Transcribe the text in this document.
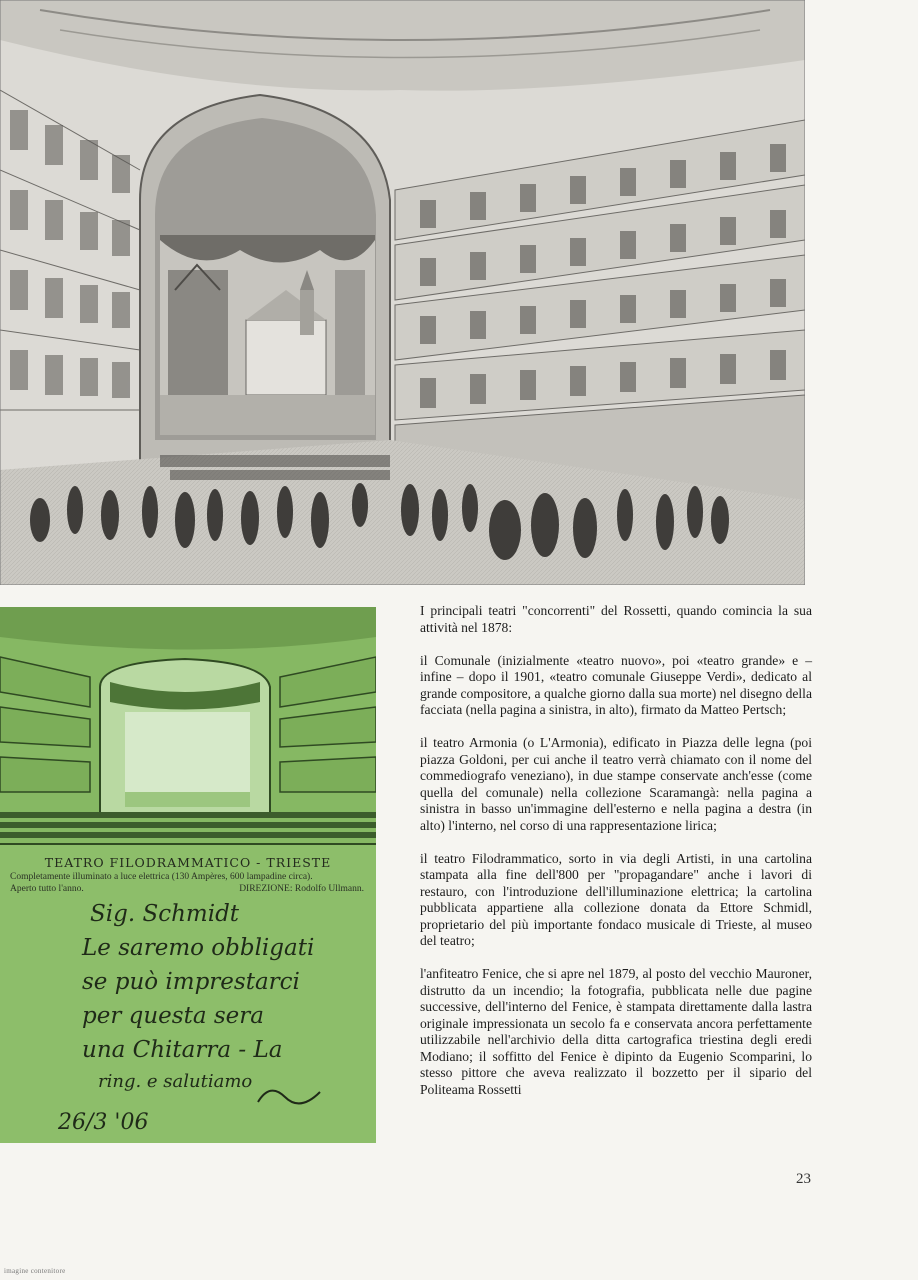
TEATRO FILODRAMMATICO - TRIESTE

Completamente illuminato a luce elettrica (130 Ampères, 600 lampadine circa).

Aperto tutto l'anno.	DIREZIONE: Rodolfo Ullmann.

Sig. Schmidt
Le saremo obbligati
se può imprestarci
per questa sera
una Chitarra - La
ring. e salutiamo
26/3 '06

I principali teatri "concorrenti" del Rossetti, quando comincia la sua attività nel 1878:

il Comunale (inizialmente «teatro nuovo», poi «teatro grande» e – infine – dopo il 1901, «teatro comunale Giuseppe Verdi», dedicato al grande compositore, a qualche giorno dalla sua morte) nel disegno della facciata (nella pagina a sinistra, in alto), firmato da Matteo Pertsch;

il teatro Armonia (o L'Armonia), edificato in Piazza delle legna (poi piazza Goldoni, per cui anche il teatro verrà chiamato con il nome del commediografo veneziano), in due stampe conservate anch'esse (come quella del comunale) nella collezione Scaramangà: nella pagina a sinistra in basso un'immagine dell'esterno e nella pagina a destra (in alto) l'interno, nel corso di una rappresentazione lirica;

il teatro Filodrammatico, sorto in via degli Artisti, in una cartolina stampata alla fine dell'800 per "propagandare" anche i lavori di restauro, con l'introduzione dell'illuminazione elettrica; la cartolina pubblicata appartiene alla collezione donata da Ettore Schmidl, proprietario del più importante fondaco musicale di Trieste, al museo del teatro;

l'anfiteatro Fenice, che si apre nel 1879, al posto del vecchio Mauroner, distrutto da un incendio; la fotografia, pubblicata nelle due pagine successive, dell'interno del Fenice, è stampata direttamente dalla lastra originale impressionata un secolo fa e conservata ancora perfettamente utilizzabile nell'archivio della ditta cartografica triestina degli eredi Modiano; il soffitto del Fenice è dipinto da Eugenio Scomparini, lo stesso pittore che aveva realizzato il bozzetto per il sipario del Politeama Rossetti

23
imagine contenitore
